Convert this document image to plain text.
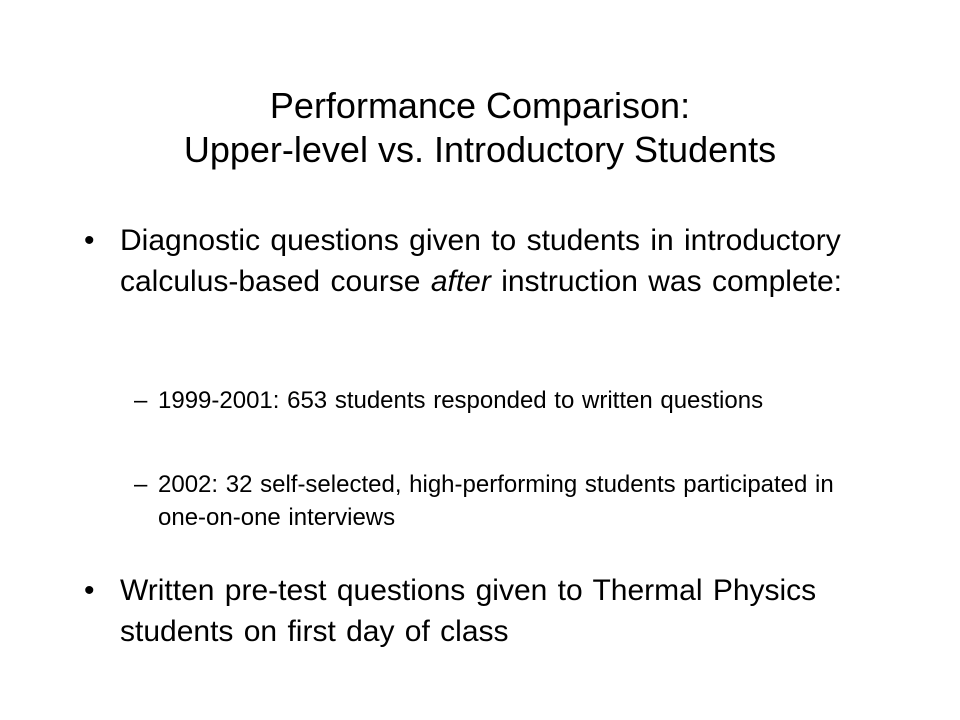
Performance Comparison:
Upper-level vs. Introductory Students
• Diagnostic questions given to students in introductory calculus-based course after instruction was complete:
– 1999-2001: 653 students responded to written questions
– 2002: 32 self-selected, high-performing students participated in one-on-one interviews
• Written pre-test questions given to Thermal Physics students on first day of class
